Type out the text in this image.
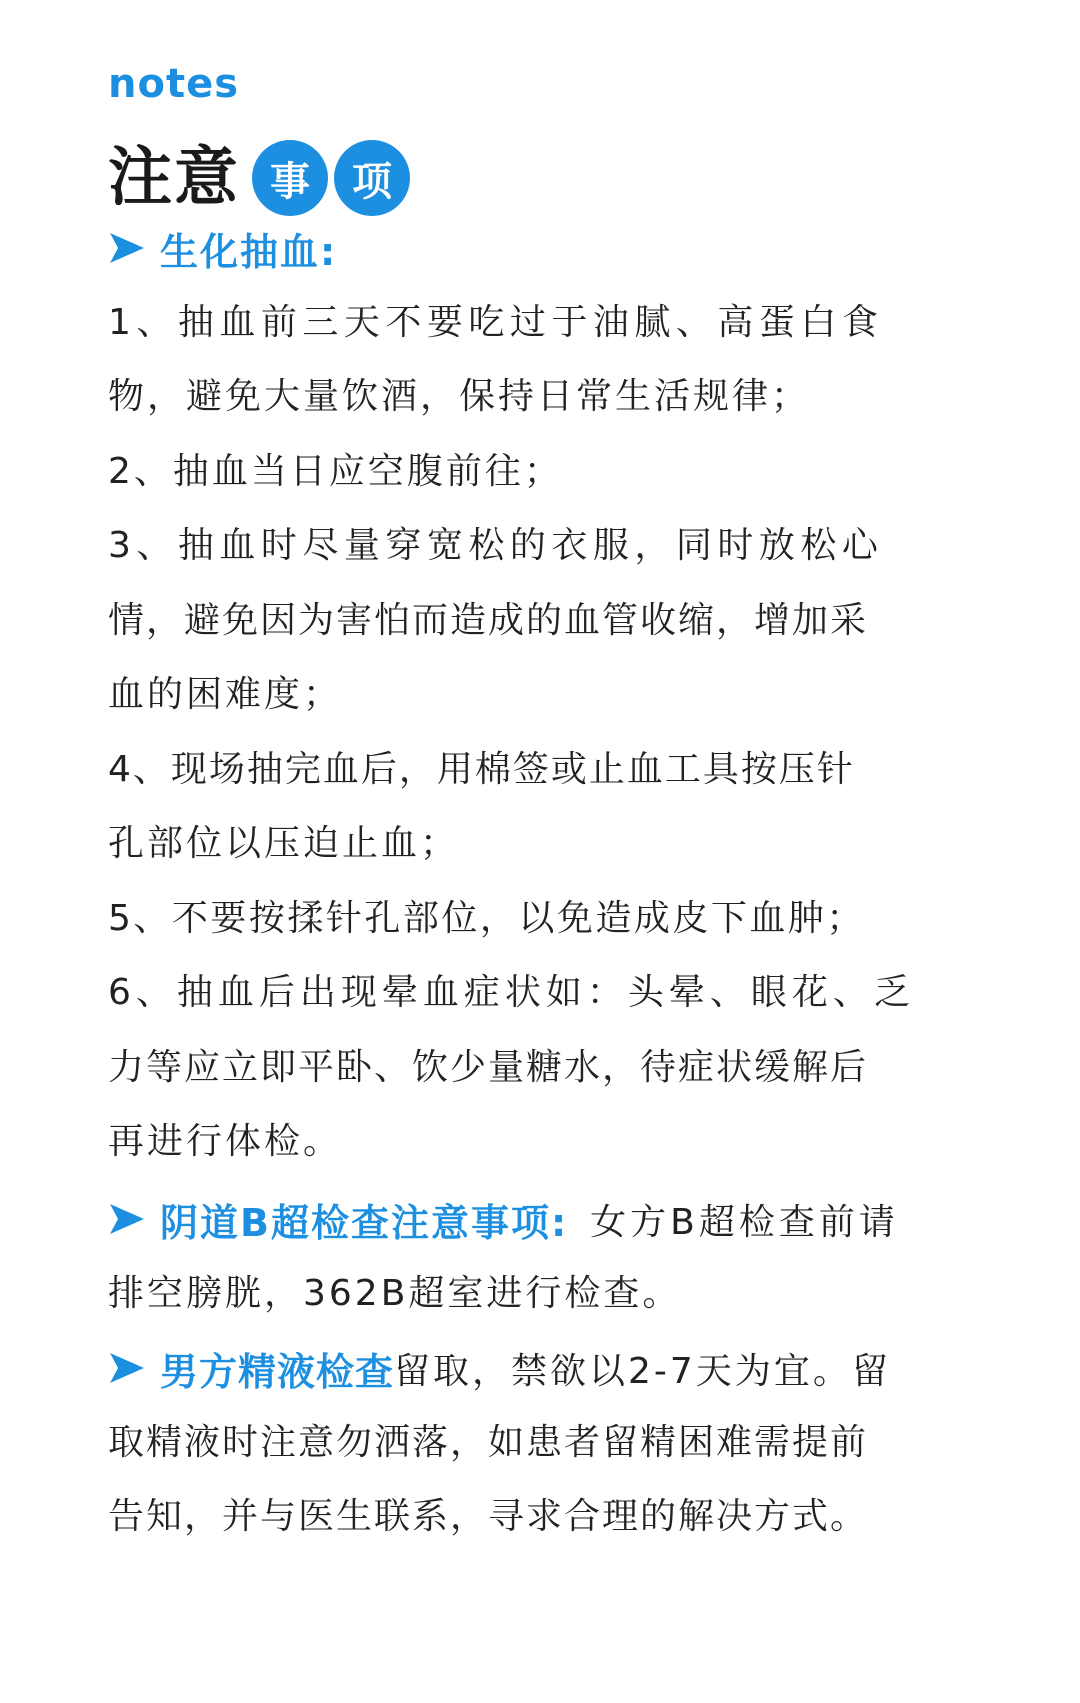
notes
注意 事	项
生化抽血:
1、抽血前三天不要吃过于油腻、高蛋白食
物，避免大量饮酒，保持日常生活规律；
2、抽血当日应空腹前往；
3、抽血时尽量穿宽松的衣服，同时放松心
情，避免因为害怕而造成的血管收缩，增加采
血的困难度；
4、现场抽完血后，用棉签或止血工具按压针
孔部位以压迫止血；
5、不要按揉针孔部位，以免造成皮下血肿；
6、抽血后出现晕血症状如：头晕、眼花、乏
力等应立即平卧、饮少量糖水，待症状缓解后
再进行体检。
阴道B超检查注意事项: 女方B超检查前请
排空膀胱，362B超室进行检查。
男方精液检查 留取，禁欲以2-7天为宜。留
取精液时注意勿洒落，如患者留精困难需提前
告知，并与医生联系，寻求合理的解决方式。
